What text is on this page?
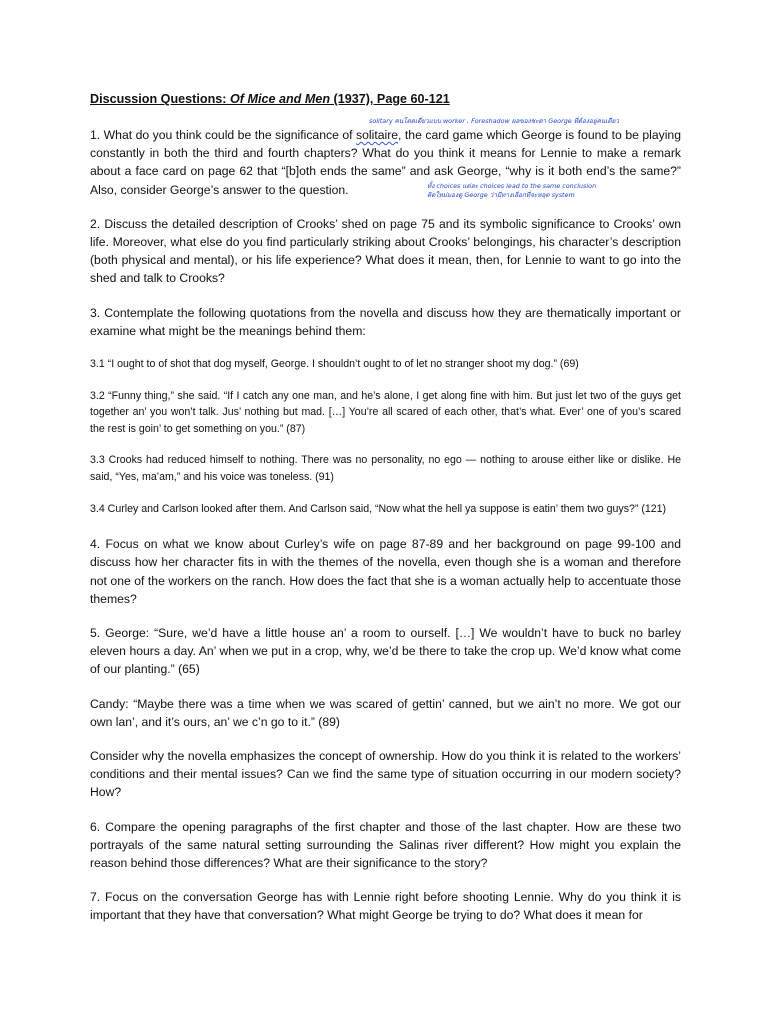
solitary คนโดดเดี่ยวแบบ worker , Foreshadow ผลของชะตา George ที่ต้องอยู่คนเดียว
ทั้ง choices แต่ละ choices lead to the same conclusion
คิดใหม่มองดู George ว่ามีทางเลือกที่จะหลุด system
Discussion Questions: Of Mice and Men (1937), Page 60-121

1. What do you think could be the significance of solitaire, the card game which George is found to be playing constantly in both the third and fourth chapters? What do you think it means for Lennie to make a remark about a face card on page 62 that “[b]oth ends the same” and ask George, “why is it both end’s the same?” Also, consider George’s answer to the question.

2. Discuss the detailed description of Crooks’ shed on page 75 and its symbolic significance to Crooks’ own life. Moreover, what else do you find particularly striking about Crooks’ belongings, his character’s description (both physical and mental), or his life experience? What does it mean, then, for Lennie to want to go into the shed and talk to Crooks?

3. Contemplate the following quotations from the novella and discuss how they are thematically important or examine what might be the meanings behind them:

3.1 “I ought to of shot that dog myself, George. I shouldn’t ought to of let no stranger shoot my dog.” (69)

3.2 “Funny thing,” she said. “If I catch any one man, and he’s alone, I get along fine with him. But just let two of the guys get together an’ you won’t talk. Jus’ nothing but mad. […] You’re all scared of each other, that’s what. Ever’ one of you’s scared the rest is goin’ to get something on you.” (87)

3.3 Crooks had reduced himself to nothing. There was no personality, no ego — nothing to arouse either like or dislike. He said, “Yes, ma’am,” and his voice was toneless. (91)

3.4 Curley and Carlson looked after them. And Carlson said, “Now what the hell ya suppose is eatin’ them two guys?” (121)

4. Focus on what we know about Curley’s wife on page 87-89 and her background on page 99-100 and discuss how her character fits in with the themes of the novella, even though she is a woman and therefore not one of the workers on the ranch. How does the fact that she is a woman actually help to accentuate those themes?

5. George: “Sure, we’d have a little house an’ a room to ourself. […] We wouldn’t have to buck no barley eleven hours a day. An’ when we put in a crop, why, we’d be there to take the crop up. We’d know what come of our planting.” (65)

Candy: “Maybe there was a time when we was scared of gettin’ canned, but we ain’t no more. We got our own lan’, and it’s ours, an’ we c’n go to it.” (89)

Consider why the novella emphasizes the concept of ownership. How do you think it is related to the workers’ conditions and their mental issues? Can we find the same type of situation occurring in our modern society? How?

6. Compare the opening paragraphs of the first chapter and those of the last chapter. How are these two portrayals of the same natural setting surrounding the Salinas river different? How might you explain the reason behind those differences? What are their significance to the story?

7. Focus on the conversation George has with Lennie right before shooting Lennie. Why do you think it is important that they have that conversation? What might George be trying to do? What does it mean for
